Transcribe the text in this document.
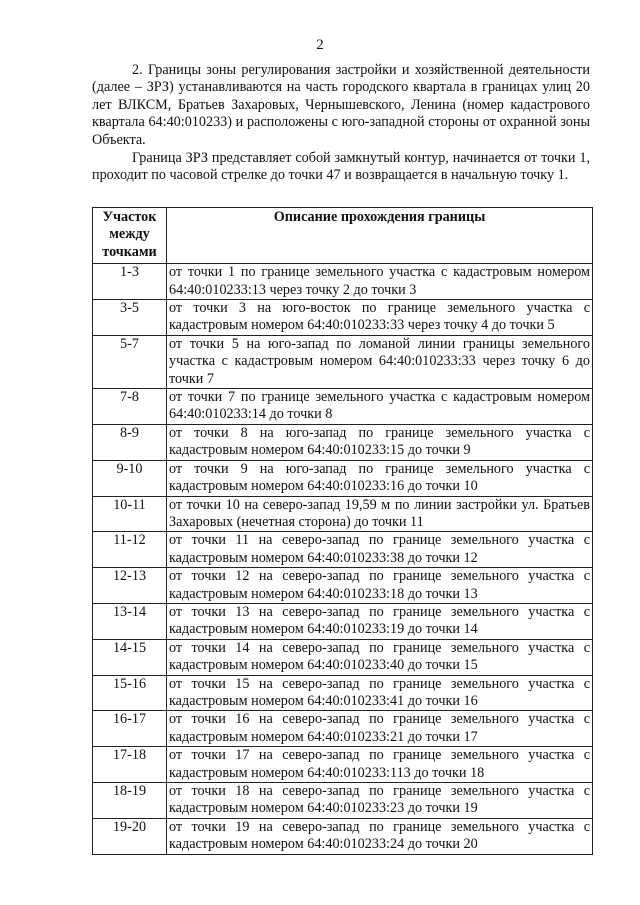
2

2. Границы зоны регулирования застройки и хозяйственной деятельности (далее – ЗРЗ) устанавливаются на часть городского квартала в границах улиц 20 лет ВЛКСМ, Братьев Захаровых, Чернышевского, Ленина (номер кадастрового квартала 64:40:010233) и расположены с юго-западной стороны от охранной зоны Объекта.

Граница ЗРЗ представляет собой замкнутый контур, начинается от точки 1, проходит по часовой стрелке до точки 47 и возвращается в начальную точку 1.

Участок между точками	Описание прохождения границы
1-3	от точки 1 по границе земельного участка с кадастровым номером 64:40:010233:13 через точку 2 до точки 3
3-5	от точки 3 на юго-восток по границе земельного участка с кадастровым номером 64:40:010233:33 через точку 4 до точки 5
5-7	от точки 5 на юго-запад по ломаной линии границы земельного участка с кадастровым номером 64:40:010233:33 через точку 6 до точки 7
7-8	от точки 7 по границе земельного участка с кадастровым номером 64:40:010233:14 до точки 8
8-9	от точки 8 на юго-запад по границе земельного участка с кадастровым номером 64:40:010233:15 до точки 9
9-10	от точки 9 на юго-запад по границе земельного участка с кадастровым номером 64:40:010233:16 до точки 10
10-11	от точки 10 на северо-запад 19,59 м по линии застройки ул. Братьев Захаровых (нечетная сторона) до точки 11
11-12	от точки 11 на северо-запад по границе земельного участка с кадастровым номером 64:40:010233:38 до точки 12
12-13	от точки 12 на северо-запад по границе земельного участка с кадастровым номером 64:40:010233:18 до точки 13
13-14	от точки 13 на северо-запад по границе земельного участка с кадастровым номером 64:40:010233:19 до точки 14
14-15	от точки 14 на северо-запад по границе земельного участка с кадастровым номером 64:40:010233:40 до точки 15
15-16	от точки 15 на северо-запад по границе земельного участка с кадастровым номером 64:40:010233:41 до точки 16
16-17	от точки 16 на северо-запад по границе земельного участка с кадастровым номером 64:40:010233:21 до точки 17
17-18	от точки 17 на северо-запад по границе земельного участка с кадастровым номером 64:40:010233:113 до точки 18
18-19	от точки 18 на северо-запад по границе земельного участка с кадастровым номером 64:40:010233:23 до точки 19
19-20	от точки 19 на северо-запад по границе земельного участка с кадастровым номером 64:40:010233:24 до точки 20
